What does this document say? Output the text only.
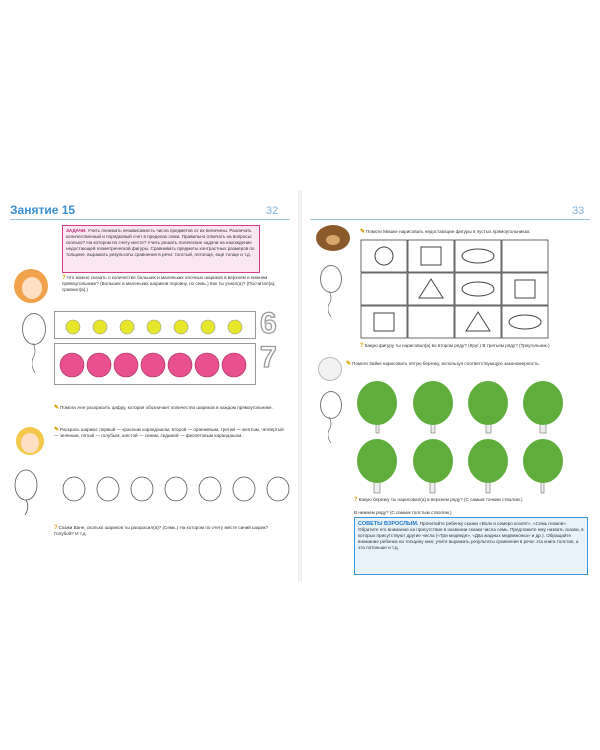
Занятие 15	32
ЗАДАЧИ. Учить понимать независимость числа предметов от их величины. Различать количественный и порядковый счет в пределах семи. Правильно отвечать на вопросы: сколько? На котором по счету месте? Учить решать логические задачи на нахождение недостающей геометрической фигуры. Сравнивать предметы контрастных размеров по толщине, выражать результаты сравнения в речи: толстый, потолще, еще толще и т.д.
?Что можно сказать о количестве больших и маленьких елочных шариков в верхнем и нижнем прямоугольнике? (Больших и маленьких шариков поровну, по семь.) Как ты узнал(а)? (Посчитал(а), сравнил(а).)
6
7
✎Помоги Ане раскрасить цифру, которая обозначает количество шариков в каждом прямоугольнике.
✎Раскрась шарики: первый — красным карандашом, второй — оранжевым, третий — желтым, четвертый — зеленым, пятый — голубым, шестой — синим, седьмой — фиолетовым карандашом.
?Скажи Ване, сколько шариков ты раскрасил(а)? (Семь.) На котором по счету месте синий шарик? Голубой? И т.д.
33
✎Помоги Мишке нарисовать недостающие фигуры в пустых прямоугольниках.
?Какую фигуру ты нарисовал(а) во втором ряду? (Круг.) В третьем ряду? (Треугольник.)
✎Помоги Зайке нарисовать пятую березку, используя соответствующую закономерность.
?Какую березку ты нарисовал(а) в верхнем ряду? (С самым тонким стволом.)
В нижнем ряду? (С самым толстым стволом.)
СОВЕТЫ ВЗРОСЛЫМ. Прочитайте ребенку сказки «Волк и семеро козлят», «Семь гномов». Обратите его внимание на присутствие в названии сказки числа семь. Предложите ему назвать сказки, в которых присутствуют другие числа («Три медведя», «Два жадных медвежонка» и др.). Обращайте внимание ребенка на толщину книг, учите выражать результаты сравнения в речи: эта книга толстая, а эта потоньше и т.д.
